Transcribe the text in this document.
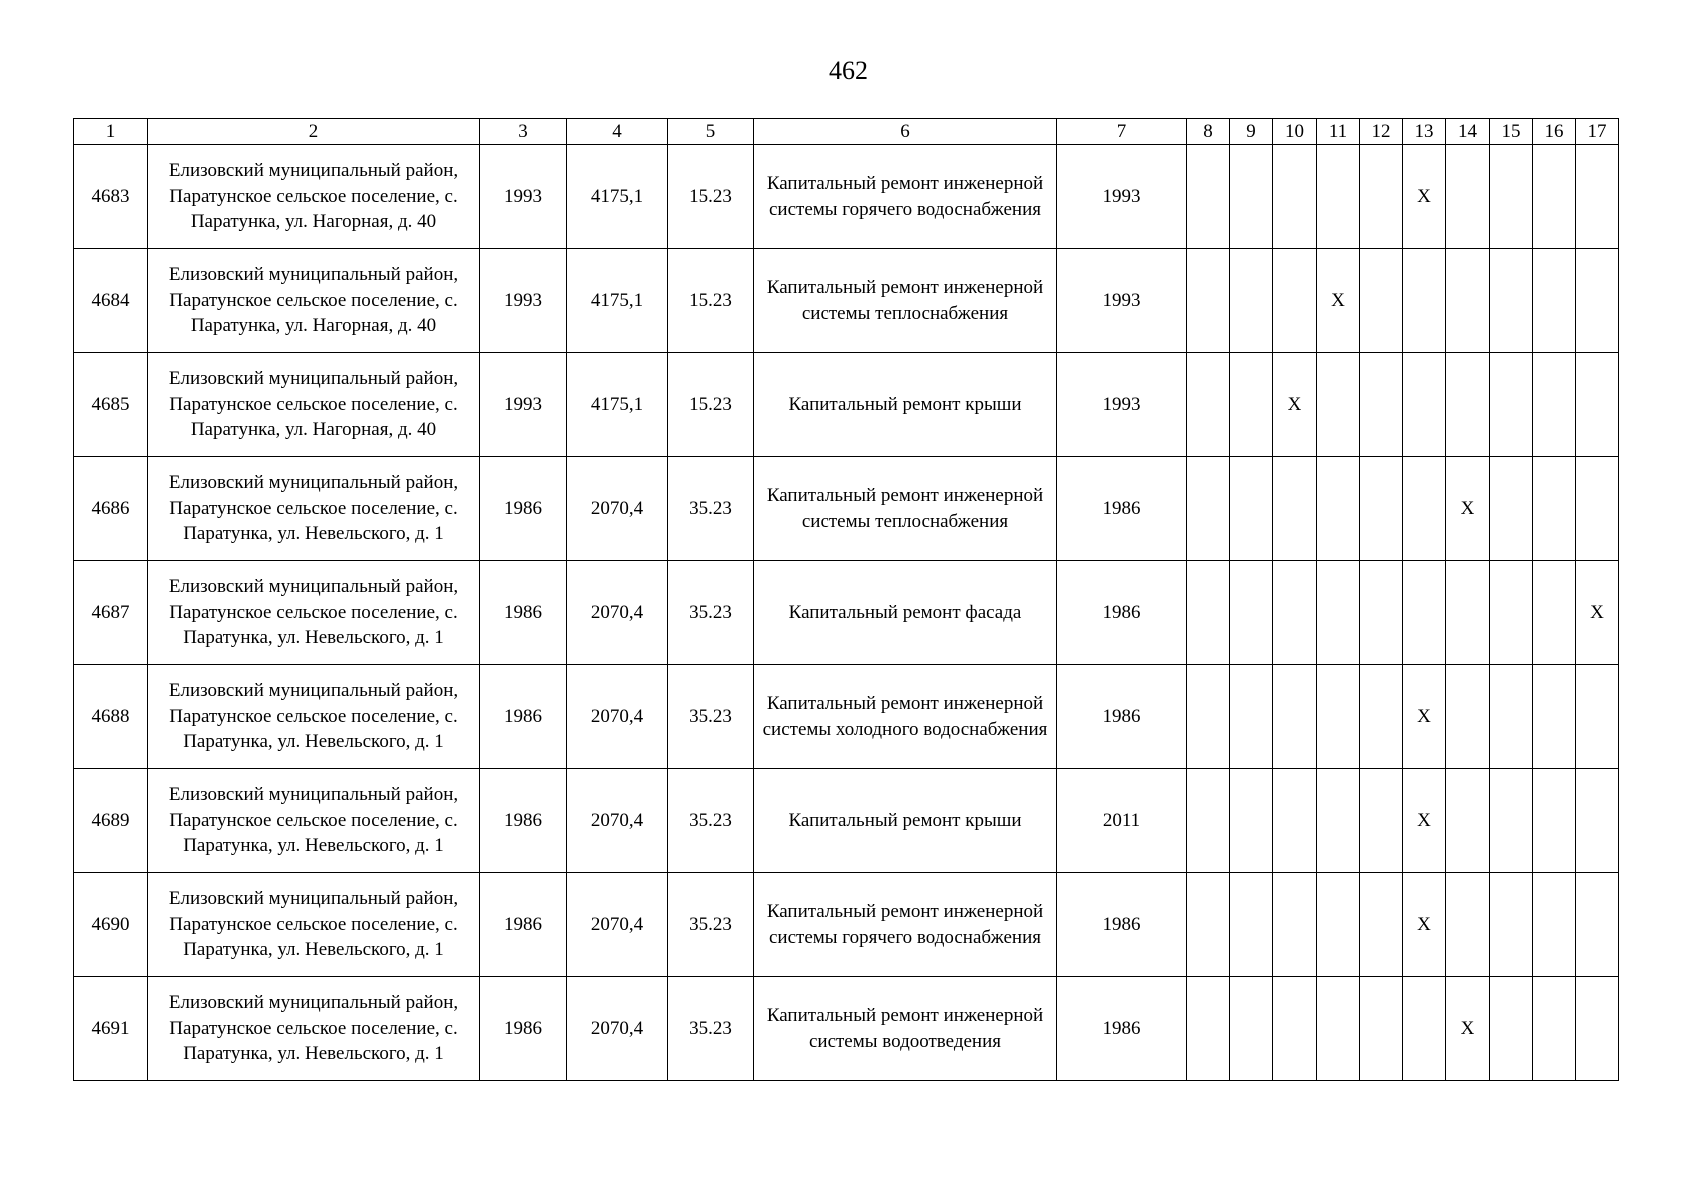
462
1	2	3	4	5	6	7	8	9	10	11	12	13	14	15	16	17
4683	Елизовский муниципальный район, Паратунское сельское поселение, с. Паратунка, ул. Нагорная, д. 40	1993	4175,1	15.23	Капитальный ремонт инженерной системы горячего водоснабжения	1993						X				
4684	Елизовский муниципальный район, Паратунское сельское поселение, с. Паратунка, ул. Нагорная, д. 40	1993	4175,1	15.23	Капитальный ремонт инженерной системы теплоснабжения	1993				X						
4685	Елизовский муниципальный район, Паратунское сельское поселение, с. Паратунка, ул. Нагорная, д. 40	1993	4175,1	15.23	Капитальный ремонт крыши	1993			X							
4686	Елизовский муниципальный район, Паратунское сельское поселение, с. Паратунка, ул. Невельского, д. 1	1986	2070,4	35.23	Капитальный ремонт инженерной системы теплоснабжения	1986							X			
4687	Елизовский муниципальный район, Паратунское сельское поселение, с. Паратунка, ул. Невельского, д. 1	1986	2070,4	35.23	Капитальный ремонт фасада	1986										X
4688	Елизовский муниципальный район, Паратунское сельское поселение, с. Паратунка, ул. Невельского, д. 1	1986	2070,4	35.23	Капитальный ремонт инженерной системы холодного водоснабжения	1986						X				
4689	Елизовский муниципальный район, Паратунское сельское поселение, с. Паратунка, ул. Невельского, д. 1	1986	2070,4	35.23	Капитальный ремонт крыши	2011						X				
4690	Елизовский муниципальный район, Паратунское сельское поселение, с. Паратунка, ул. Невельского, д. 1	1986	2070,4	35.23	Капитальный ремонт инженерной системы горячего водоснабжения	1986						X				
4691	Елизовский муниципальный район, Паратунское сельское поселение, с. Паратунка, ул. Невельского, д. 1	1986	2070,4	35.23	Капитальный ремонт инженерной системы водоотведения	1986							X			
